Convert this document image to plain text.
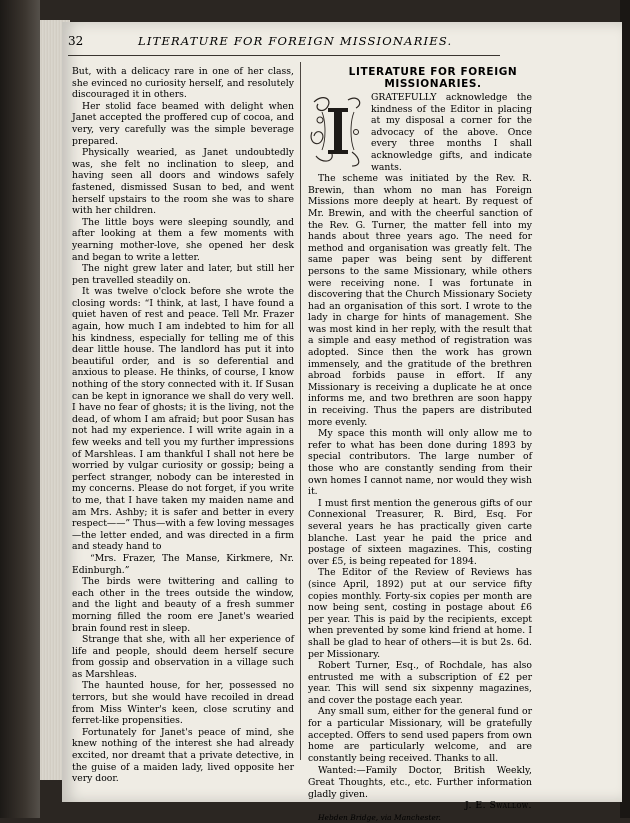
32	LITERATURE FOR FOREIGN MISSIONARIES.

But, with a delicacy rare in one of her class, she evinced no curiosity herself, and resolutely discouraged it in others.

Her stolid face beamed with delight when Janet accepted the proffered cup of cocoa, and very, very carefully was the simple beverage prepared.

Physically wearied, as Janet undoubtedly was, she felt no inclination to sleep, and having seen all doors and windows safely fastened, dismissed Susan to bed, and went herself upstairs to the room she was to share with her children.

The little boys were sleeping soundly, and after looking at them a few moments with yearning mother-love, she opened her desk and began to write a letter.

The night grew later and later, but still her pen travelled steadily on.

It was twelve o'clock before she wrote the closing words: “I think, at last, I have found a quiet haven of rest and peace. Tell Mr. Frazer again, how much I am indebted to him for all his kindness, especially for telling me of this dear little house. The landlord has put it into beautiful order, and is so deferential and anxious to please. He thinks, of course, I know nothing of the story connected with it. If Susan can be kept in ignorance we shall do very well. I have no fear of ghosts; it is the living, not the dead, of whom I am afraid; but poor Susan has not had my experience. I will write again in a few weeks and tell you my further impressions of Marshleas. I am thankful I shall not here be worried by vulgar curiosity or gossip; being a perfect stranger, nobody can be interested in my concerns. Please do not forget, if you write to me, that I have taken my maiden name and am Mrs. Ashby; it is safer and better in every respect——” Thus—with a few loving messages—the letter ended, and was directed in a firm and steady hand to

“Mrs. Frazer, The Manse, Kirkmere, Nr. Edinburgh.”

The birds were twittering and calling to each other in the trees outside the window, and the light and beauty of a fresh summer morning filled the room ere Janet's wearied brain found rest in sleep.

Strange that she, with all her experience of life and people, should deem herself secure from gossip and observation in a village such as Marshleas.

The haunted house, for her, possessed no terrors, but she would have recoiled in dread from Miss Winter's keen, close scrutiny and ferret-like propensities.

Fortunately for Janet's peace of mind, she knew nothing of the interest she had already excited, nor dreamt that a private detective, in the guise of a maiden lady, lived opposite her very door.

LITERATURE FOR FOREIGN MISSIONARIES.

GRATEFULLY acknowledge the kindness of the Editor in placing at my disposal a corner for the advocacy of the above. Once every three months I shall acknowledge gifts, and indicate wants.

The scheme was initiated by the Rev. R. Brewin, than whom no man has Foreign Missions more deeply at heart. By request of Mr. Brewin, and with the cheerful sanction of the Rev. G. Turner, the matter fell into my hands about three years ago. The need for method and organisation was greatly felt. The same paper was being sent by different persons to the same Missionary, while others were receiving none. I was fortunate in discovering that the Church Missionary Society had an organisation of this sort. I wrote to the lady in charge for hints of management. She was most kind in her reply, with the result that a simple and easy method of registration was adopted. Since then the work has grown immensely, and the gratitude of the brethren abroad forbids pause in effort. If any Missionary is receiving a duplicate he at once informs me, and two brethren are soon happy in receiving. Thus the papers are distributed more evenly.

My space this month will only allow me to refer to what has been done during 1893 by special contributors. The large number of those who are constantly sending from their own homes I cannot name, nor would they wish it.

I must first mention the generous gifts of our Connexional Treasurer, R. Bird, Esq. For several years he has practically given carte blanche. Last year he paid the price and postage of sixteen magazines. This, costing over £5, is being repeated for 1894.

The Editor of the Review of Reviews has (since April, 1892) put at our service fifty copies monthly. Forty-six copies per month are now being sent, costing in postage about £6 per year. This is paid by the recipients, except when prevented by some kind friend at home. I shall be glad to hear of others—it is but 2s. 6d. per Missionary.

Robert Turner, Esq., of Rochdale, has also entrusted me with a subscription of £2 per year. This will send six sixpenny magazines, and cover the postage each year.

Any small sum, either for the general fund or for a particular Missionary, will be gratefully accepted. Offers to send used papers from own home are particularly welcome, and are constantly being received. Thanks to all.

Wanted:—Family Doctor, British Weekly, Great Thoughts, etc., etc. Further information gladly given.

J. E. Swallow.

Hebden Bridge, via Manchester.
